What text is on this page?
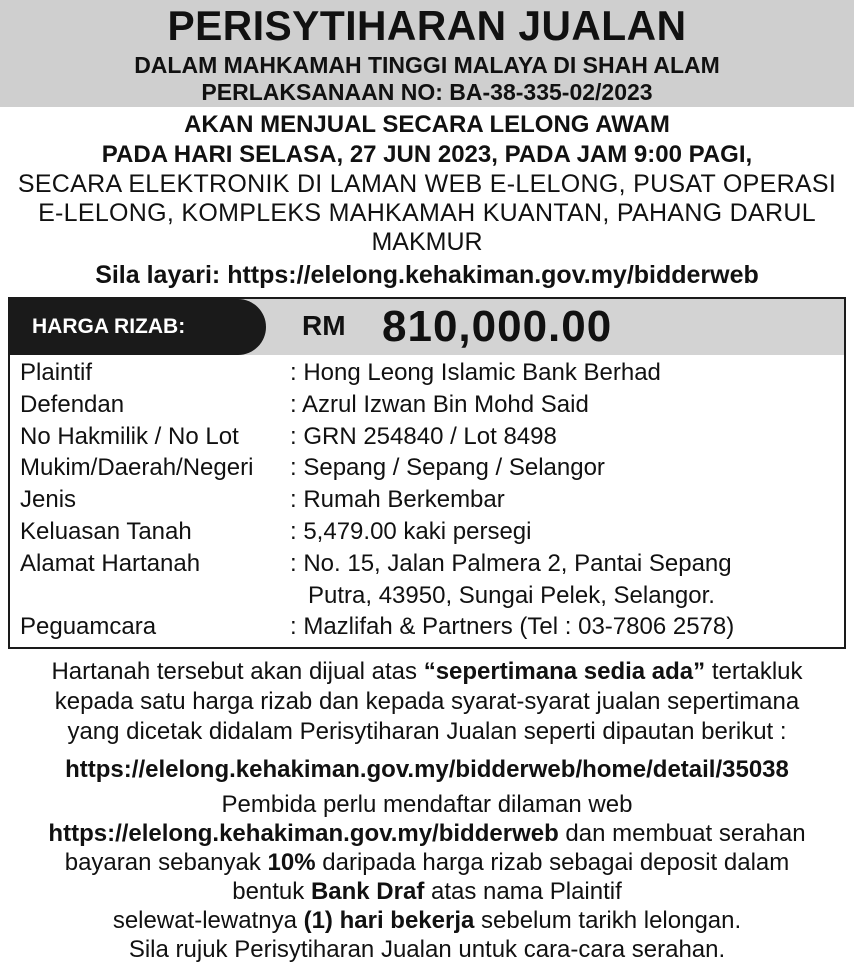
PERISYTIHARAN JUALAN
DALAM MAHKAMAH TINGGI MALAYA DI SHAH ALAM
PERLAKSANAAN NO: BA-38-335-02/2023
AKAN MENJUAL SECARA LELONG AWAM
PADA HARI SELASA, 27 JUN 2023, PADA JAM 9:00 PAGI,
SECARA ELEKTRONIK DI LAMAN WEB E-LELONG, PUSAT OPERASI
E-LELONG, KOMPLEKS MAHKAMAH KUANTAN, PAHANG DARUL
MAKMUR
Sila layari: https://elelong.kehakiman.gov.my/bidderweb
HARGA RIZAB:	RM 810,000.00
Plaintif	: Hong Leong Islamic Bank Berhad
Defendan	: Azrul Izwan Bin Mohd Said
No Hakmilik / No Lot : GRN 254840 / Lot 8498
Mukim/Daerah/Negeri : Sepang / Sepang / Selangor
Jenis	: Rumah Berkembar
Keluasan Tanah	: 5,479.00 kaki persegi
Alamat Hartanah	: No. 15, Jalan Palmera 2, Pantai Sepang
Putra, 43950, Sungai Pelek, Selangor.
Peguamcara	: Mazlifah & Partners (Tel : 03-7806 2578)
Hartanah tersebut akan dijual atas “sepertimana sedia ada” tertakluk
kepada satu harga rizab dan kepada syarat-syarat jualan sepertimana
yang dicetak didalam Perisytiharan Jualan seperti dipautan berikut :
https://elelong.kehakiman.gov.my/bidderweb/home/detail/35038
Pembida perlu mendaftar dilaman web
https://elelong.kehakiman.gov.my/bidderweb dan membuat serahan
bayaran sebanyak 10% daripada harga rizab sebagai deposit dalam
bentuk Bank Draf atas nama Plaintif
selewat-lewatnya (1) hari bekerja sebelum tarikh lelongan.
Sila rujuk Perisytiharan Jualan untuk cara-cara serahan.
